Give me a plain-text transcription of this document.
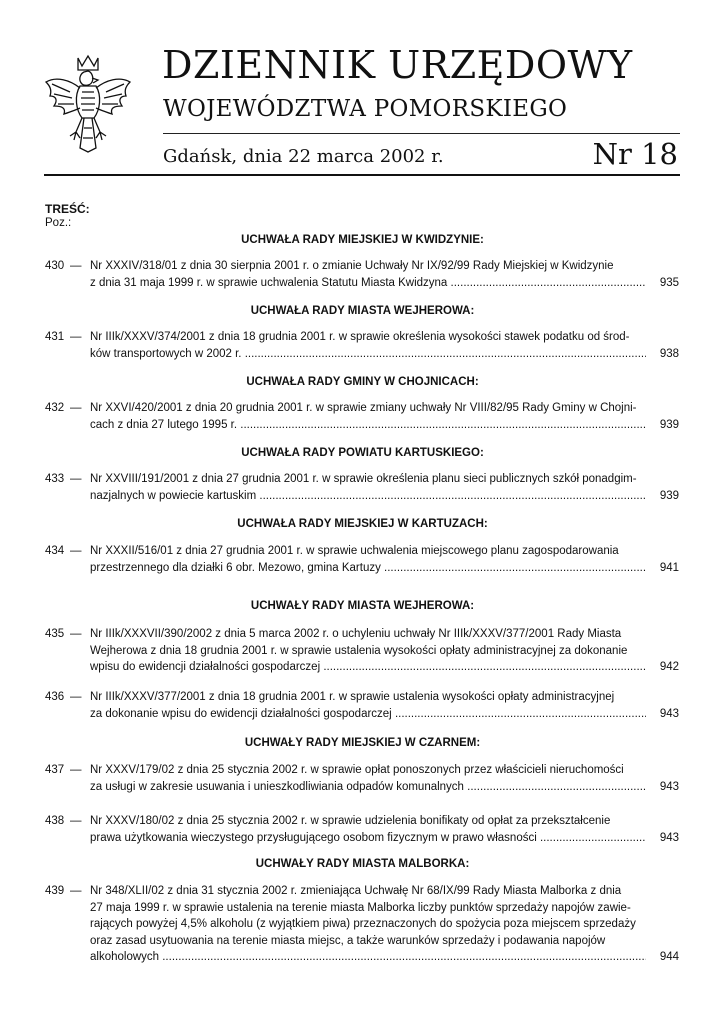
DZIENNIK URZĘDOWY
WOJEWÓDZTWA POMORSKIEGO
Gdańsk, dnia 22 marca 2002 r.	Nr 18
TREŚĆ:
Poz.:
UCHWAŁA RADY MIEJSKIEJ W KWIDZYNIE:
430 — Nr XXXIV/318/01 z dnia 30 sierpnia 2001 r. o zmianie Uchwały Nr IX/92/99 Rady Miejskiej w Kwidzynie

z dnia 31 maja 1999 r. w sprawie uchwalenia Statutu Miasta Kwidzyna .....	935
UCHWAŁA RADY MIASTA WEJHEROWA:
431 — Nr IIIk/XXXV/374/2001 z dnia 18 grudnia 2001 r. w sprawie określenia wysokości stawek podatku od środ-

ków transportowych w 2002 r. .....	938
UCHWAŁA RADY GMINY W CHOJNICACH:
432 — Nr XXVI/420/2001 z dnia 20 grudnia 2001 r. w sprawie zmiany uchwały Nr VIII/82/95 Rady Gminy w Chojni-

cach z dnia 27 lutego 1995 r. .....	939
UCHWAŁA RADY POWIATU KARTUSKIEGO:
433 — Nr XXVIII/191/2001 z dnia 27 grudnia 2001 r. w sprawie określenia planu sieci publicznych szkół ponadgim-

nazjalnych w powiecie kartuskim .....	939
UCHWAŁA RADY MIEJSKIEJ W KARTUZACH:
434 — Nr XXXII/516/01 z dnia 27 grudnia 2001 r. w sprawie uchwalenia miejscowego planu zagospodarowania

przestrzennego dla działki 6 obr. Mezowo, gmina Kartuzy .....	941
UCHWAŁY RADY MIASTA WEJHEROWA:
435 — Nr IIIk/XXXVII/390/2002 z dnia 5 marca 2002 r. o uchyleniu uchwały Nr IIIk/XXXV/377/2001 Rady Miasta
Wejherowa z dnia 18 grudnia 2001 r. w sprawie ustalenia wysokości opłaty administracyjnej za dokonanie

wpisu do ewidencji działalności gospodarczej .....	942
436 — Nr IIIk/XXXV/377/2001 z dnia 18 grudnia 2001 r. w sprawie ustalenia wysokości opłaty administracyjnej

za dokonanie wpisu do ewidencji działalności gospodarczej .....	943
UCHWAŁY RADY MIEJSKIEJ W CZARNEM:
437 — Nr XXXV/179/02 z dnia 25 stycznia 2002 r. w sprawie opłat ponoszonych przez właścicieli nieruchomości

za usługi w zakresie usuwania i unieszkodliwiania odpadów komunalnych .....	943
438 — Nr XXXV/180/02 z dnia 25 stycznia 2002 r. w sprawie udzielenia bonifikaty od opłat za przekształcenie

prawa użytkowania wieczystego przysługującego osobom fizycznym w prawo własności .....	943
UCHWAŁY RADY MIASTA MALBORKA:
439 — Nr 348/XLII/02 z dnia 31 stycznia 2002 r. zmieniająca Uchwałę Nr 68/IX/99 Rady Miasta Malborka z dnia
27 maja 1999 r. w sprawie ustalenia na terenie miasta Malborka liczby punktów sprzedaży napojów zawie-
rających powyżej 4,5% alkoholu (z wyjątkiem piwa) przeznaczonych do spożycia poza miejscem sprzedaży
oraz zasad usytuowania na terenie miasta miejsc, a także warunków sprzedaży i podawania napojów

alkoholowych .....	944
